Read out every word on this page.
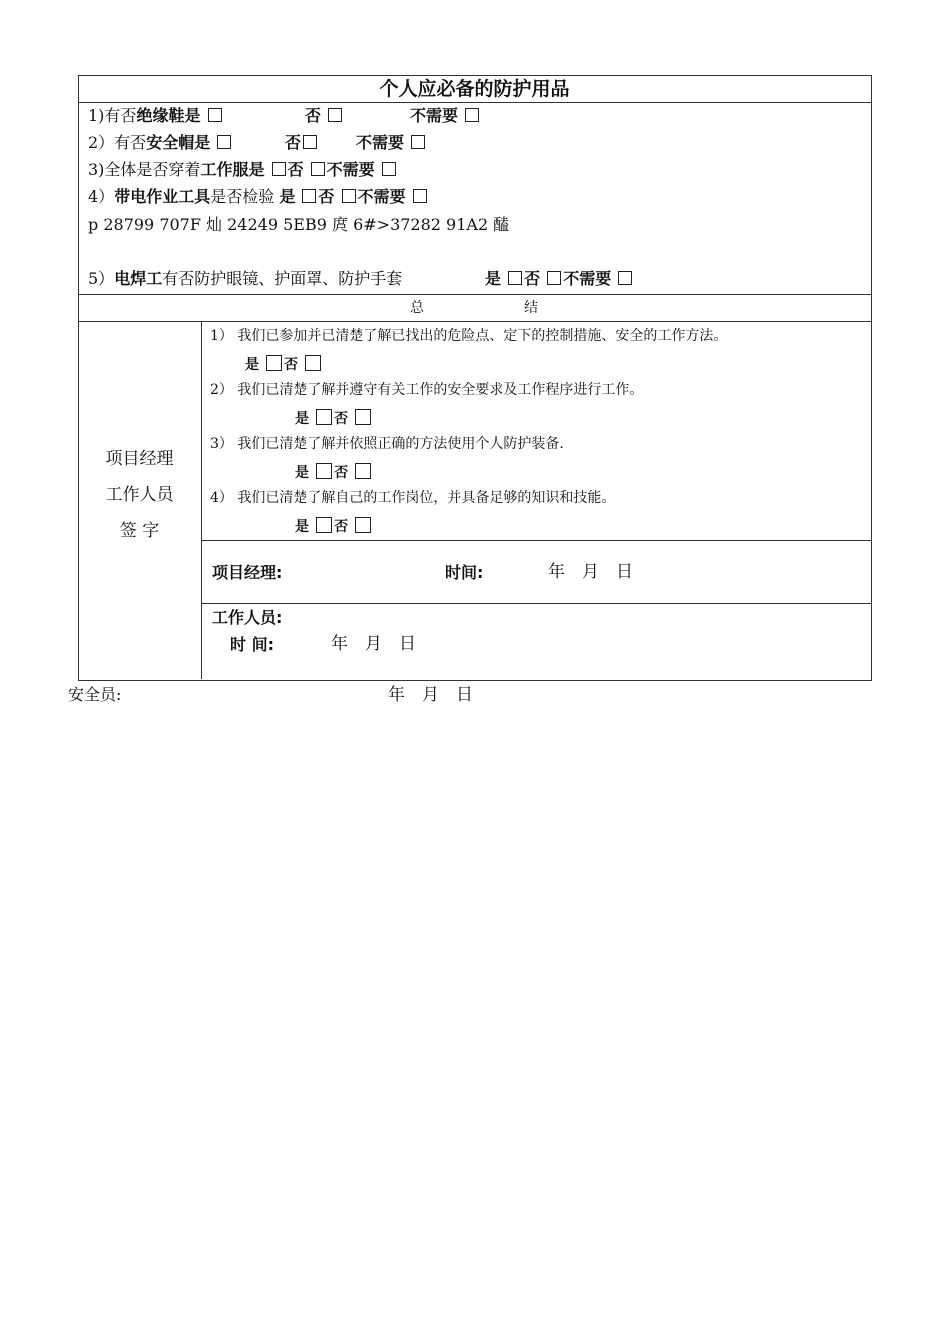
个人应必备的防护用品
1)有否绝缘鞋是	否	不需要
2）有否安全帽是	否	不需要
3)全体是否穿着工作服是 否 不需要
4）带电作业工具是否检验 是 否 不需要
p 28799 707F 灿 24249 5EB9 庹 6#>37282 91A2 醘
5）电焊工有否防护眼镜、护面罩、防护手套	是 否 不需要
总	结
项目经理
工作人员
签 字
1） 我们已参加并已清楚了解已找出的危险点、定下的控制措施、安全的工作方法。
是 否
2） 我们已清楚了解并遵守有关工作的安全要求及工作程序进行工作。
是 否
3） 我们已清楚了解并依照正确的方法使用个人防护装备.
是 否
4） 我们已清楚了解自己的工作岗位，并具备足够的知识和技能。
是 否
项目经理:	时间:	年　月　日
工作人员:
时 间:	年　月　日
安全员:	年　月　日
